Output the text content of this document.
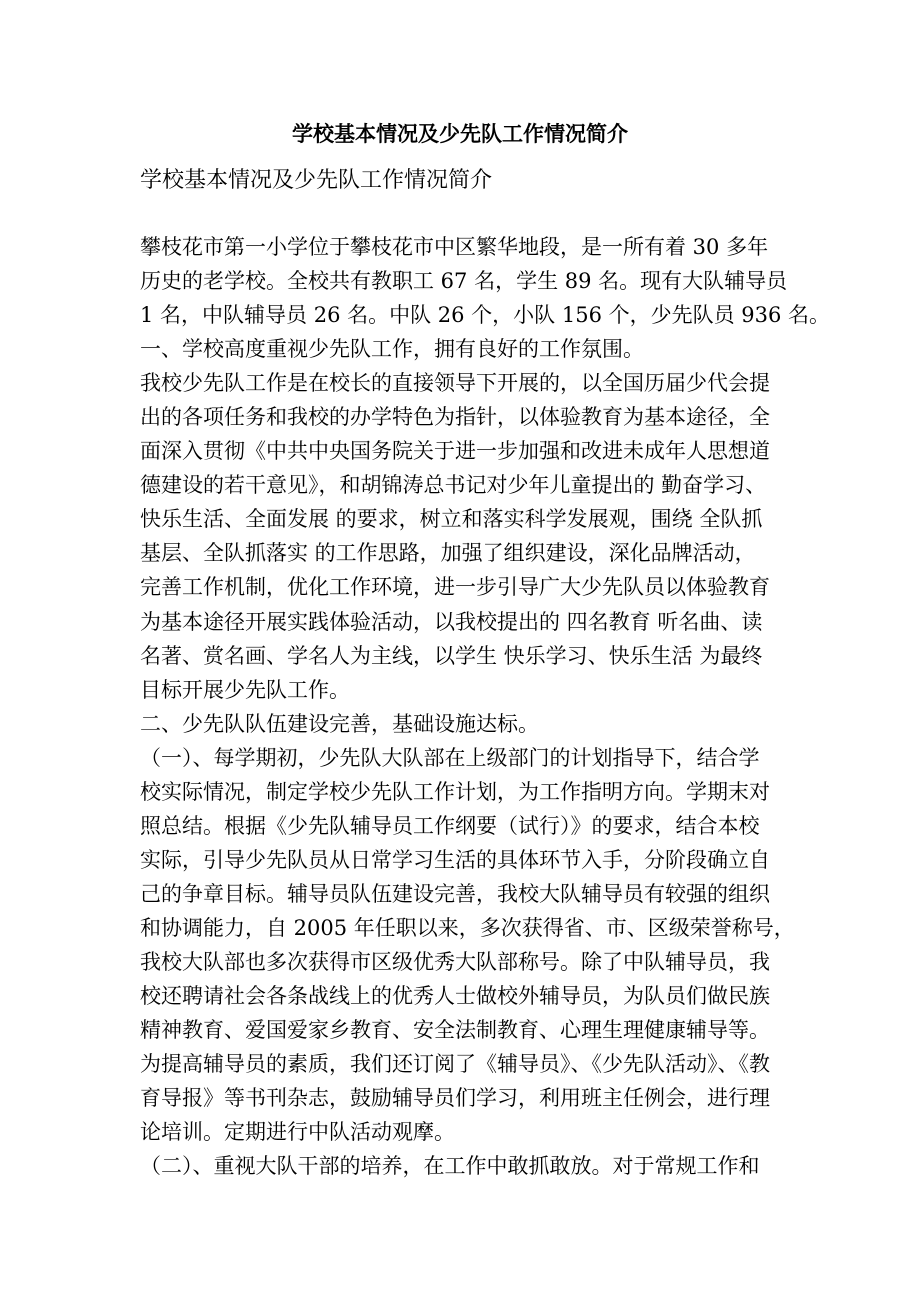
学校基本情况及少先队工作情况简介
学校基本情况及少先队工作情况简介
攀枝花市第一小学位于攀枝花市中区繁华地段，是一所有着 30 多年
历史的老学校。全校共有教职工 67 名，学生 89 名。现有大队辅导员
1 名，中队辅导员 26 名。中队 26 个，小队 156 个，少先队员 936 名。
一、学校高度重视少先队工作，拥有良好的工作氛围。
我校少先队工作是在校长的直接领导下开展的，以全国历届少代会提
出的各项任务和我校的办学特色为指针，以体验教育为基本途径，全
面深入贯彻《中共中央国务院关于进一步加强和改进未成年人思想道
德建设的若干意见》，和胡锦涛总书记对少年儿童提出的 勤奋学习、
快乐生活、全面发展 的要求，树立和落实科学发展观，围绕 全队抓
基层、全队抓落实 的工作思路，加强了组织建设，深化品牌活动，
完善工作机制，优化工作环境，进一步引导广大少先队员以体验教育
为基本途径开展实践体验活动，以我校提出的 四名教育 听名曲、读
名著、赏名画、学名人为主线，以学生 快乐学习、快乐生活 为最终
目标开展少先队工作。
二、少先队队伍建设完善，基础设施达标。
（一）、每学期初，少先队大队部在上级部门的计划指导下，结合学
校实际情况，制定学校少先队工作计划，为工作指明方向。学期末对
照总结。根据《少先队辅导员工作纲要（试行）》的要求，结合本校
实际，引导少先队员从日常学习生活的具体环节入手，分阶段确立自
己的争章目标。辅导员队伍建设完善，我校大队辅导员有较强的组织
和协调能力，自 2005 年任职以来，多次获得省、市、区级荣誉称号，
我校大队部也多次获得市区级优秀大队部称号。除了中队辅导员，我
校还聘请社会各条战线上的优秀人士做校外辅导员，为队员们做民族
精神教育、爱国爱家乡教育、安全法制教育、心理生理健康辅导等。
为提高辅导员的素质，我们还订阅了《辅导员》、《少先队活动》、《教
育导报》等书刊杂志，鼓励辅导员们学习，利用班主任例会，进行理
论培训。定期进行中队活动观摩。
（二）、重视大队干部的培养，在工作中敢抓敢放。对于常规工作和
